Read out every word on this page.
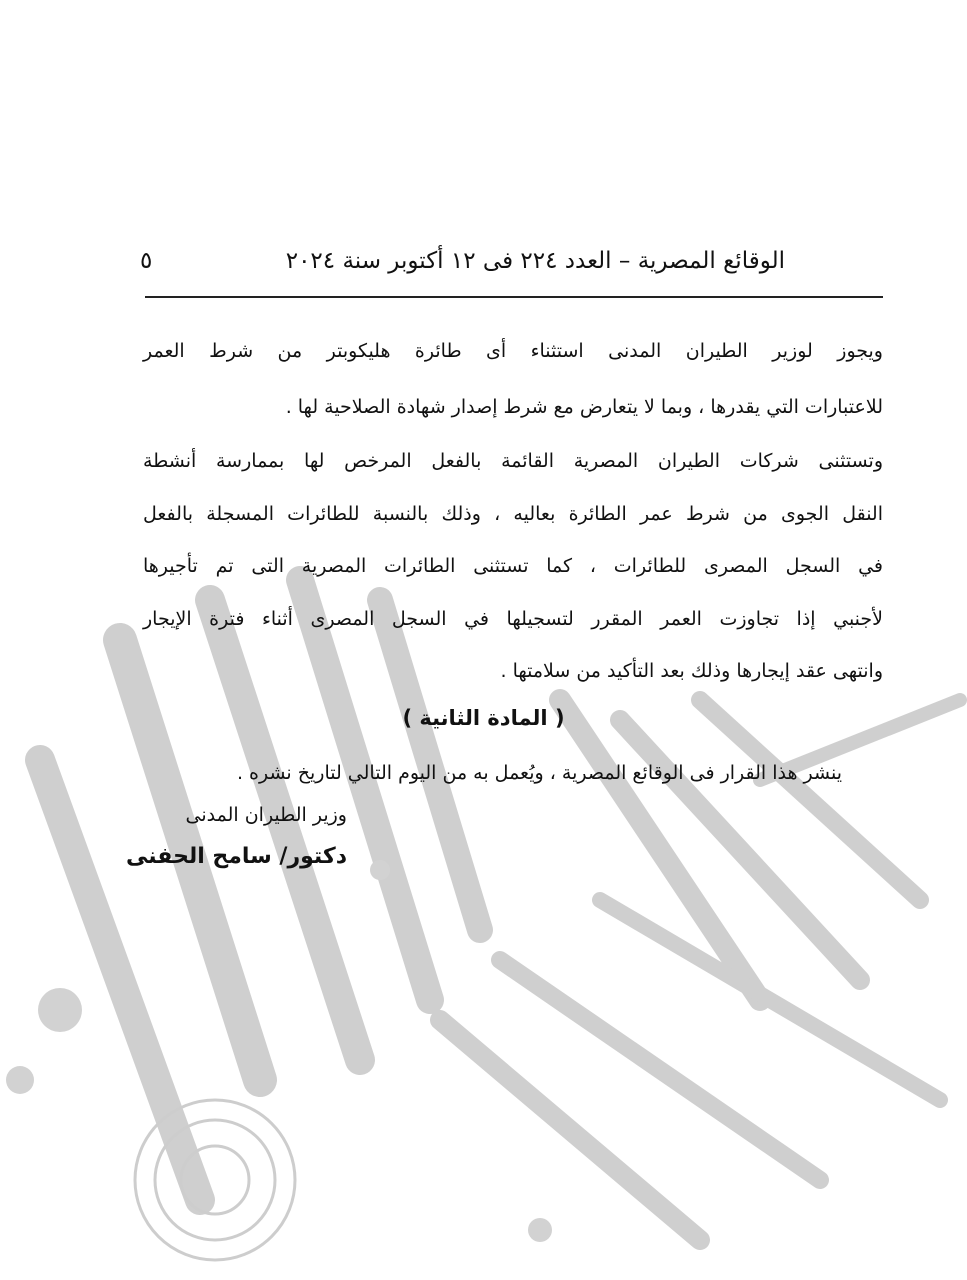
الوقائع المصرية – العدد ٢٢٤ فى ١٢ أكتوبر سنة ٢٠٢٤
٥
ويجوز لوزير الطيران المدنى استثناء أى طائرة هليكوبتر من شرط العمر
للاعتبارات التي يقدرها ، وبما لا يتعارض مع شرط إصدار شهادة الصلاحية لها .
وتستثنى شركات الطيران المصرية القائمة بالفعل المرخص لها بممارسة أنشطة
النقل الجوى من شرط عمر الطائرة بعاليه ، وذلك بالنسبة للطائرات المسجلة بالفعل
في السجل المصرى للطائرات ، كما تستثنى الطائرات المصرية التى تم تأجيرها
لأجنبي إذا تجاوزت العمر المقرر لتسجيلها في السجل المصرى أثناء فترة الإيجار
وانتهى عقد إيجارها وذلك بعد التأكيد من سلامتها .
( المادة الثانية )
ينشر هذا القرار فى الوقائع المصرية ، ويُعمل به من اليوم التالي لتاريخ نشره .
وزير الطيران المدنى
دكتور/ سامح الحفنى
